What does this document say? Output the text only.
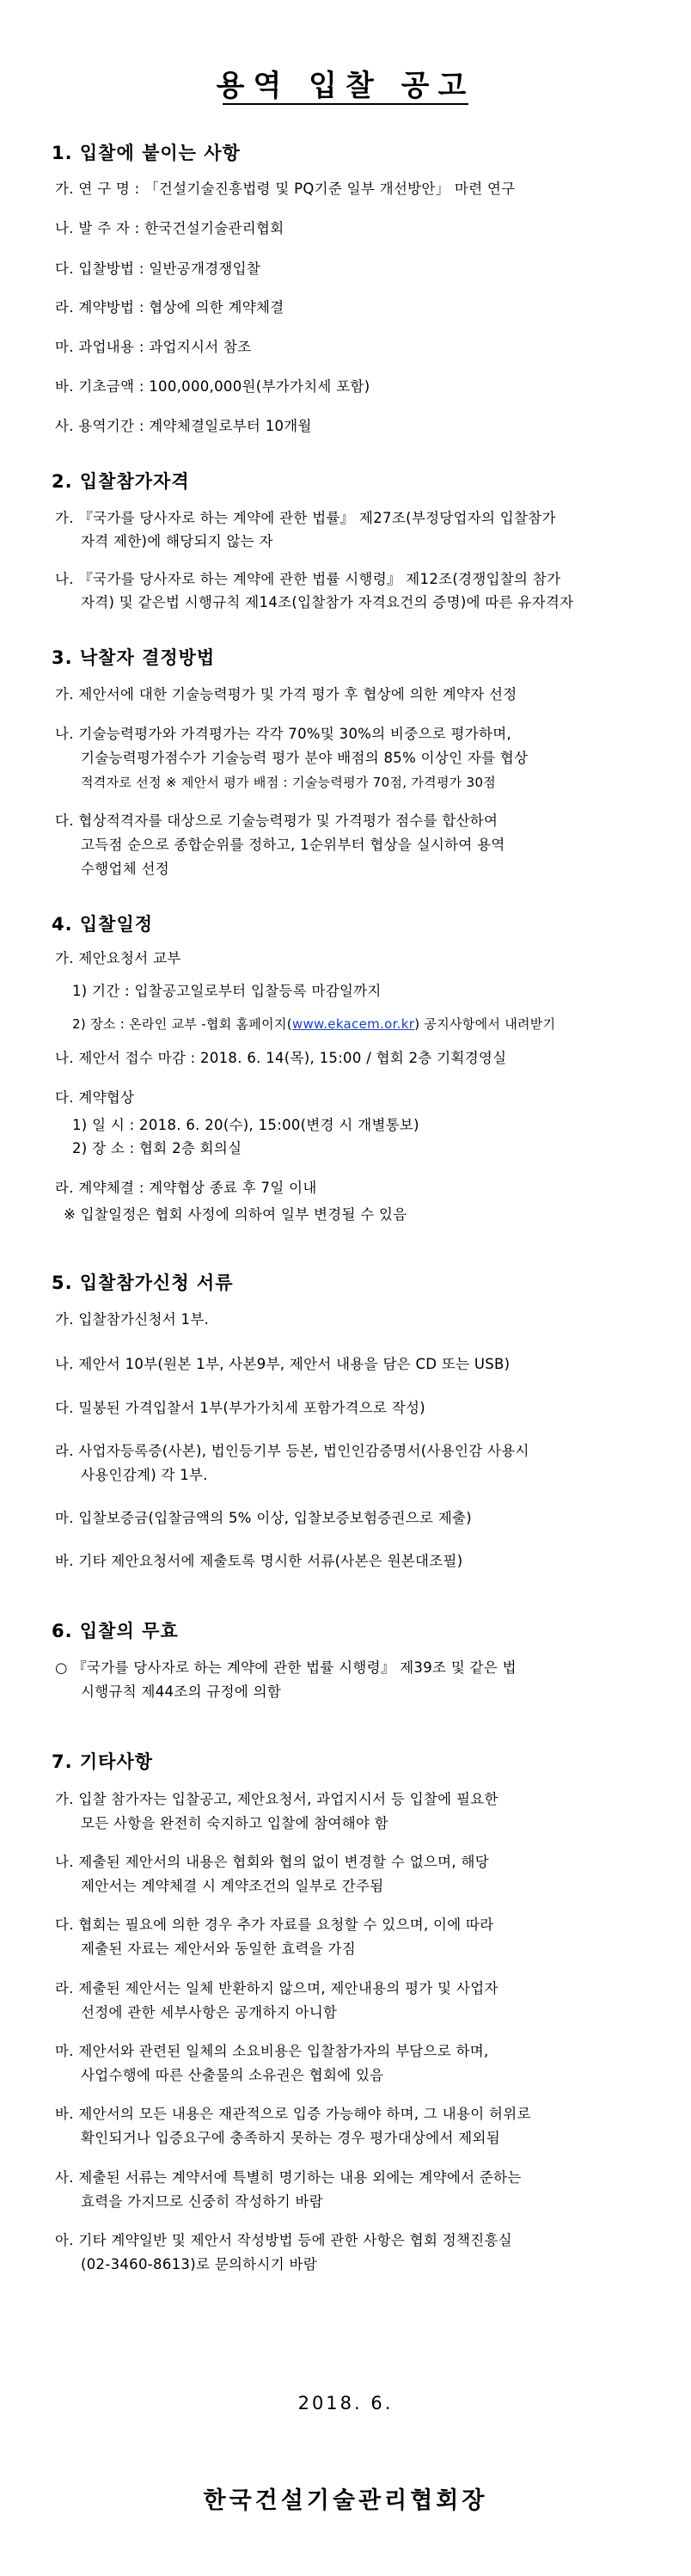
용역 입찰 공고
1. 입찰에 붙이는 사항
가. 연 구 명 : 「건설기술진흥법령 및 PQ기준 일부 개선방안」 마련 연구
나. 발 주 자 : 한국건설기술관리협회
다. 입찰방법 : 일반공개경쟁입찰
라. 계약방법 : 협상에 의한 계약체결
마. 과업내용 : 과업지시서 참조
바. 기초금액 : 100,000,000원(부가가치세 포함)
사. 용역기간 : 계약체결일로부터 10개월
2. 입찰참가자격
가. 『국가를 당사자로 하는 계약에 관한 법률』 제27조(부정당업자의 입찰참가
자격 제한)에 해당되지 않는 자
나. 『국가를 당사자로 하는 계약에 관한 법률 시행령』 제12조(경쟁입찰의 참가
자격) 및 같은법 시행규칙 제14조(입찰참가 자격요건의 증명)에 따른 유자격자
3. 낙찰자 결정방법
가. 제안서에 대한 기술능력평가 및 가격 평가 후 협상에 의한 계약자 선정
나. 기술능력평가와 가격평가는 각각 70%및 30%의 비중으로 평가하며,
기술능력평가점수가 기술능력 평가 분야 배점의 85% 이상인 자를 협상
적격자로 선정 ※ 제안서 평가 배점 : 기술능력평가 70점, 가격평가 30점
다. 협상적격자를 대상으로 기술능력평가 및 가격평가 점수를 합산하여
고득점 순으로 종합순위를 정하고, 1순위부터 협상을 실시하여 용역
수행업체 선정
4. 입찰일정
가. 제안요청서 교부
1) 기간 : 입찰공고일로부터 입찰등록 마감일까지
2) 장소 : 온라인 교부 -협회 홈페이지(www.ekacem.or.kr) 공지사항에서 내려받기
나. 제안서 접수 마감 : 2018. 6. 14(목), 15:00 / 협회 2층 기획경영실
다. 계약협상
1) 일 시 : 2018. 6. 20(수), 15:00(변경 시 개별통보)
2) 장 소 : 협회 2층 회의실
라. 계약체결 : 계약협상 종료 후 7일 이내
※ 입찰일정은 협회 사정에 의하여 일부 변경될 수 있음
5. 입찰참가신청 서류
가. 입찰참가신청서 1부.
나. 제안서 10부(원본 1부, 사본9부, 제안서 내용을 담은 CD 또는 USB)
다. 밀봉된 가격입찰서 1부(부가가치세 포함가격으로 작성)
라. 사업자등록증(사본), 법인등기부 등본, 법인인감증명서(사용인감 사용시
사용인감계) 각 1부.
마. 입찰보증금(입찰금액의 5% 이상, 입찰보증보험증권으로 제출)
바. 기타 제안요청서에 제출토록 명시한 서류(사본은 원본대조필)
6. 입찰의 무효
○ 『국가를 당사자로 하는 계약에 관한 법률 시행령』 제39조 및 같은 법
시행규칙 제44조의 규정에 의함
7. 기타사항
가. 입찰 참가자는 입찰공고, 제안요청서, 과업지시서 등 입찰에 필요한
모든 사항을 완전히 숙지하고 입찰에 참여해야 함
나. 제출된 제안서의 내용은 협회와 협의 없이 변경할 수 없으며, 해당
제안서는 계약체결 시 계약조건의 일부로 간주됨
다. 협회는 필요에 의한 경우 추가 자료를 요청할 수 있으며, 이에 따라
제출된 자료는 제안서와 동일한 효력을 가짐
라. 제출된 제안서는 일체 반환하지 않으며, 제안내용의 평가 및 사업자
선정에 관한 세부사항은 공개하지 아니함
마. 제안서와 관련된 일체의 소요비용은 입찰참가자의 부담으로 하며,
사업수행에 따른 산출물의 소유권은 협회에 있음
바. 제안서의 모든 내용은 재관적으로 입증 가능해야 하며, 그 내용이 허위로
확인되거나 입증요구에 충족하지 못하는 경우 평가대상에서 제외됨
사. 제출된 서류는 계약서에 특별히 명기하는 내용 외에는 계약에서 준하는
효력을 가지므로 신중히 작성하기 바람
아. 기타 계약일반 및 제안서 작성방법 등에 관한 사항은 협회 정책진흥실
(02-3460-8613)로 문의하시기 바람
2018. 6.
한국건설기술관리협회장
